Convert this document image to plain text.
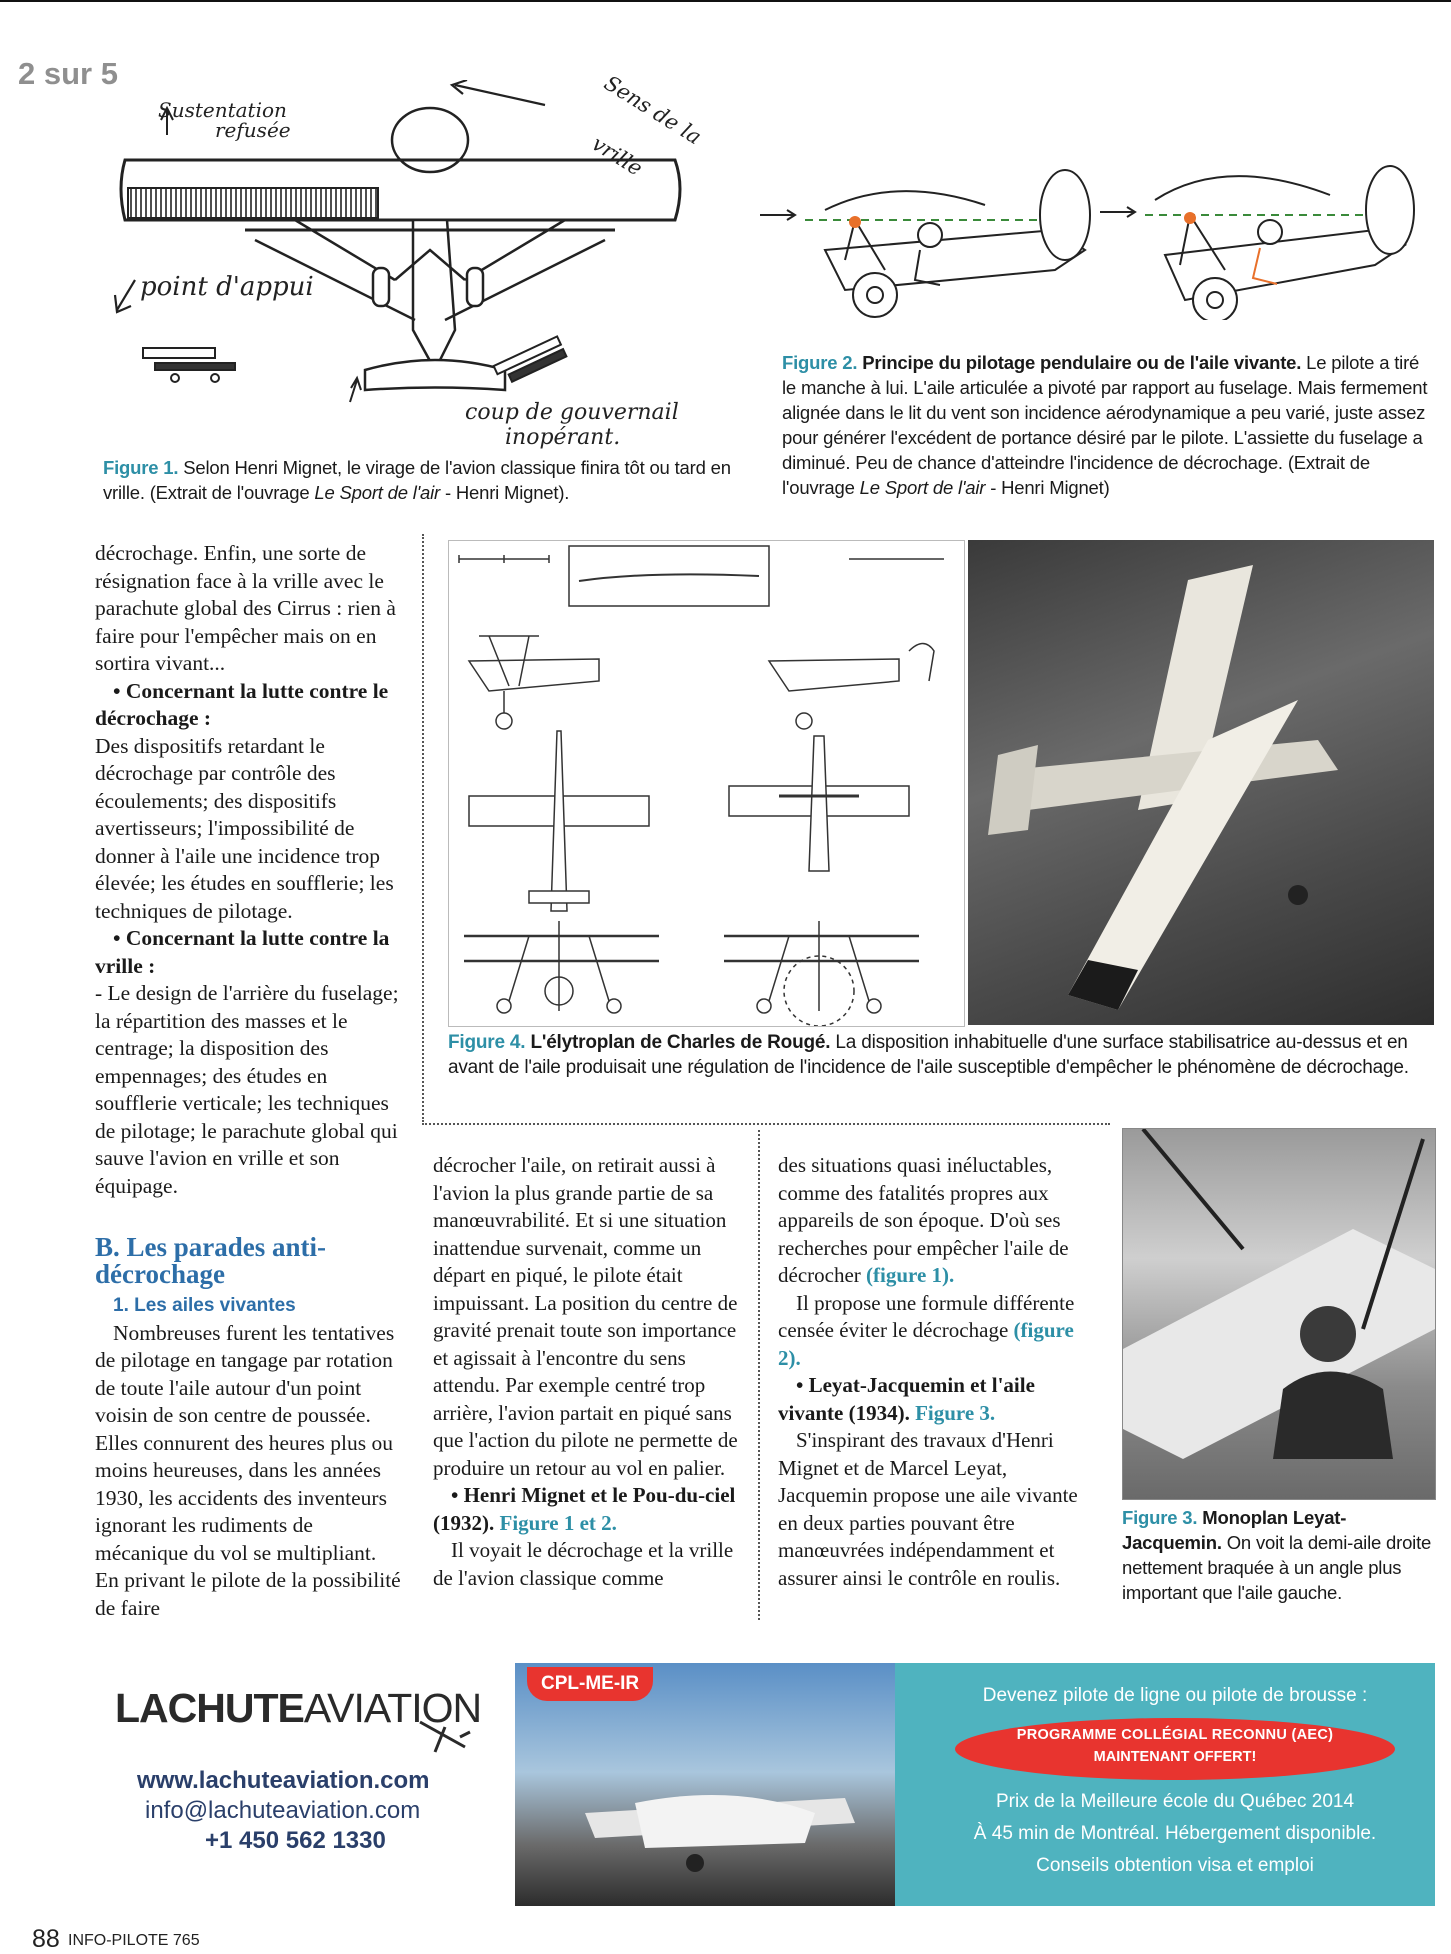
2 sur 5
Sustentation
refusée	Sens de la
vrille
point d'appui
coup de gouvernail
inopérant.
Figure 1. Selon Henri Mignet, le virage de l'avion classique finira tôt ou tard en vrille. (Extrait de l'ouvrage Le Sport de l'air - Henri Mignet).
Figure 2. Principe du pilotage pendulaire ou de l'aile vivante. Le pilote a tiré le manche à lui. L'aile articulée a pivoté par rapport au fuselage. Mais fermement alignée dans le lit du vent son incidence aérodynamique a peu varié, juste assez pour générer l'excédent de portance désiré par le pilote. L'assiette du fuselage a diminué. Peu de chance d'atteindre l'incidence de décrochage. (Extrait de l'ouvrage Le Sport de l'air - Henri Mignet)

décrochage. Enfin, une sorte de résignation face à la vrille avec le parachute global des Cirrus : rien à faire pour l'empêcher mais on en sortira vivant...

• Concernant la lutte contre le décrochage :

Des dispositifs retardant le décrochage par contrôle des écoulements; des dispositifs avertisseurs; l'impossibilité de donner à l'aile une incidence trop élevée; les études en soufflerie; les techniques de pilotage.

• Concernant la lutte contre la vrille :

- Le design de l'arrière du fuselage; la répartition des masses et le centrage; la disposition des empennages; des études en soufflerie verticale; les techniques de pilotage; le parachute global qui sauve l'avion en vrille et son équipage.

B. Les parades anti-décrochage
1. Les ailes vivantes

Nombreuses furent les tentatives de pilotage en tangage par rotation de toute l'aile autour d'un point voisin de son centre de poussée. Elles connurent des heures plus ou moins heureuses, dans les années 1930, les accidents des inventeurs ignorant les rudiments de mécanique du vol se multipliant. En privant le pilote de la possibilité de faire

Figure 4. L'élytroplan de Charles de Rougé. La disposition inhabituelle d'une surface stabilisatrice au-dessus et en avant de l'aile produisait une régulation de l'incidence de l'aile susceptible d'empêcher le phénomène de décrochage.

décrocher l'aile, on retirait aussi à l'avion la plus grande partie de sa manœuvrabilité. Et si une situation inattendue survenait, comme un départ en piqué, le pilote était impuissant. La position du centre de gravité prenait toute son importance et agissait à l'encontre du sens attendu. Par exemple centré trop arrière, l'avion partait en piqué sans que l'action du pilote ne permette de produire un retour au vol en palier.

• Henri Mignet et le Pou-du-ciel (1932). Figure 1 et 2.

Il voyait le décrochage et la vrille de l'avion classique comme

des situations quasi inéluctables, comme des fatalités propres aux appareils de son époque. D'où ses recherches pour empêcher l'aile de décrocher (figure 1).

Il propose une formule différente censée éviter le décrochage (figure 2).

• Leyat-Jacquemin et l'aile vivante (1934). Figure 3.

S'inspirant des travaux d'Henri Mignet et de Marcel Leyat, Jacquemin propose une aile vivante en deux parties pouvant être manœuvrées indépendamment et assurer ainsi le contrôle en roulis.

Figure 3. Monoplan Leyat-Jacquemin. On voit la demi-aile droite nettement braquée à un angle plus important que l'aile gauche.
LACHUTEAVIATION
www.lachuteaviation.com
info@lachuteaviation.com
+1 450 562 1330
CPL-ME-IR
Devenez pilote de ligne ou pilote de brousse :
PROGRAMME COLLÉGIAL RECONNU (AEC)
MAINTENANT OFFERT!
Prix de la Meilleure école du Québec 2014
À 45 min de Montréal. Hébergement disponible.
Conseils obtention visa et emploi
88 INFO-PILOTE 765
